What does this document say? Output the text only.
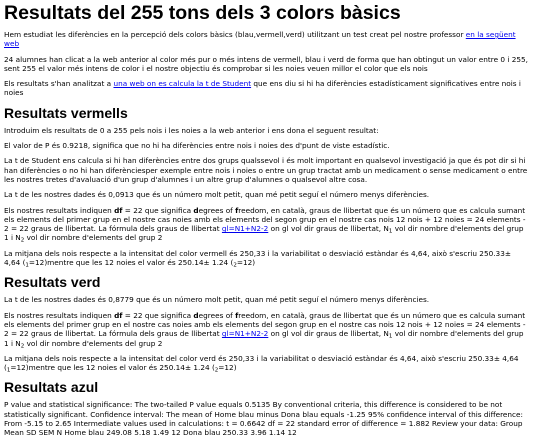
Resultats del 255 tons dels 3 colors bàsics

Hem estudiat les diferències en la percepció dels colors bàsics (blau,vermell,verd) utilitzant un test creat pel nostre professor en la següent web

24 alumnes han clicat a la web anterior al color més pur o més intens de vermell, blau i verd de forma que han obtingut un valor entre 0 i 255, sent 255 el valor més intens de color i el nostre objectiu és comprobar si les noies veuen millor el color que els nois

Els resultats s'han analitzat a una web on es calcula la t de Student que ens diu si hi ha diferències estadísticament significatives entre nois i noies

Resultats vermells

Introduim els resultats de 0 a 255 pels nois i les noies a la web anterior i ens dona el seguent resultat:

El valor de P és 0.9218, significa que no hi ha diferències entre nois i noies des d'punt de viste estadístic.

La t de Student ens calcula si hi han diferèncìes entre dos grups qualssevol i és molt important en qualsevol investigació ja que és pot dir si hi han diferències o no hi han diferènciesper exemple entre nois i noies o entre un grup tractat amb un medicament o sense medicament o entre les nostres tretes d'avaluació d'un grup d'alumnes i un altre grup d'alumnes o qualsevol altre cosa.

La t de les nostres dades és 0,0913 que és un número molt petit, quan mé petit seguí el número menys diferències.

Els nostres resultats indiquen df = 22 que significa degrees of freedom, en català, graus de llibertat que és un número que es calcula sumant els elements del primer grup en el nostre cas noies amb els elements del segon grup en el nostre cas nois 12 nois + 12 noies = 24 elements - 2 = 22 graus de llibertat. La fórmula dels graus de llibertat gl=N1+N2-2 on gl vol dir graus de llibertat, $N_1$ vol dir nombre d'elements del grup 1 i $N_2$ vol dir nombre d'elements del grup 2

La mitjana dels nois respecte a la intensitat del color vermell és 250,33 i la variabilitat o desviació estàndar és 4,64, això s'escriu 250.33± 4,64 $(_1=12)mentre$ que les 12 noies el valor és 250.14± 1.24 $(_2=12)$

Resultats verd

La t de les nostres dades és 0,8779 que és un número molt petit, quan mé petit seguí el número menys diferències.

Els nostres resultats indiquen df = 22 que significa degrees of freedom, en català, graus de llibertat que és un número que es calcula sumant els elements del primer grup en el nostre cas noies amb els elements del segon grup en el nostre cas nois 12 nois + 12 noies = 24 elements - 2 = 22 graus de llibertat. La fórmula dels graus de llibertat gl=N1+N2-2 on gl vol dir graus de llibertat, $N_1$ vol dir nombre d'elements del grup 1 i $N_2$ vol dir nombre d'elements del grup 2

La mitjana dels nois respecte a la intensitat del color verd és 250,33 i la variabilitat o desviació estàndar és 4,64, això s'escriu 250.33± 4,64 $(_1=12)mentre$ que les 12 noies el valor és 250.14± 1.24 $(_2=12)$

Resultats azul

P value and statistical significance: The two-tailed P value equals 0.5135 By conventional criteria, this difference is considered to be not statistically significant. Confidence interval: The mean of Home blau minus Dona blau equals -1.25 95% confidence interval of this difference: From -5.15 to 2.65 Intermediate values used in calculations: t = 0.6642 df = 22 standard error of difference = 1.882 Review your data: Group Mean SD SEM N Home blau 249.08 5.18 1.49 12 Dona blau 250.33 3.96 1.14 12
